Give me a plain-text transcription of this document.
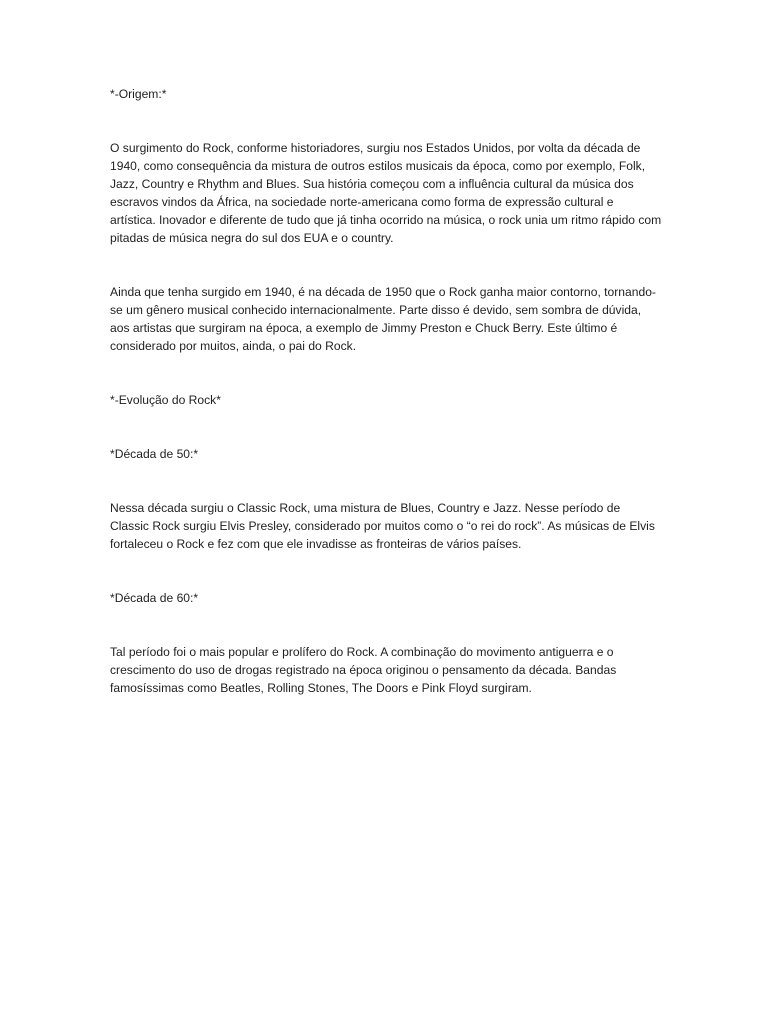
*-Origem:*

O surgimento do Rock, conforme historiadores, surgiu nos Estados Unidos, por volta da década de 1940, como consequência da mistura de outros estilos musicais da época, como por exemplo, Folk, Jazz, Country e Rhythm and Blues. Sua história começou com a influência cultural da música dos escravos vindos da África, na sociedade norte-americana como forma de expressão cultural e artística. Inovador e diferente de tudo que já tinha ocorrido na música, o rock unia um ritmo rápido com pitadas de música negra do sul dos EUA e o country.

Ainda que tenha surgido em 1940, é na década de 1950 que o Rock ganha maior contorno, tornando-se um gênero musical conhecido internacionalmente. Parte disso é devido, sem sombra de dúvida, aos artistas que surgiram na época, a exemplo de Jimmy Preston e Chuck Berry. Este último é considerado por muitos, ainda, o pai do Rock.

*-Evolução do Rock*

*Década de 50:*

Nessa década surgiu o Classic Rock, uma mistura de Blues, Country e Jazz. Nesse período de Classic Rock surgiu Elvis Presley, considerado por muitos como o “o rei do rock”. As músicas de Elvis fortaleceu o Rock e fez com que ele invadisse as fronteiras de vários países.

*Década de 60:*

Tal período foi o mais popular e prolífero do Rock. A combinação do movimento antiguerra e o crescimento do uso de drogas registrado na época originou o pensamento da década. Bandas famosíssimas como Beatles, Rolling Stones, The Doors e Pink Floyd surgiram.
